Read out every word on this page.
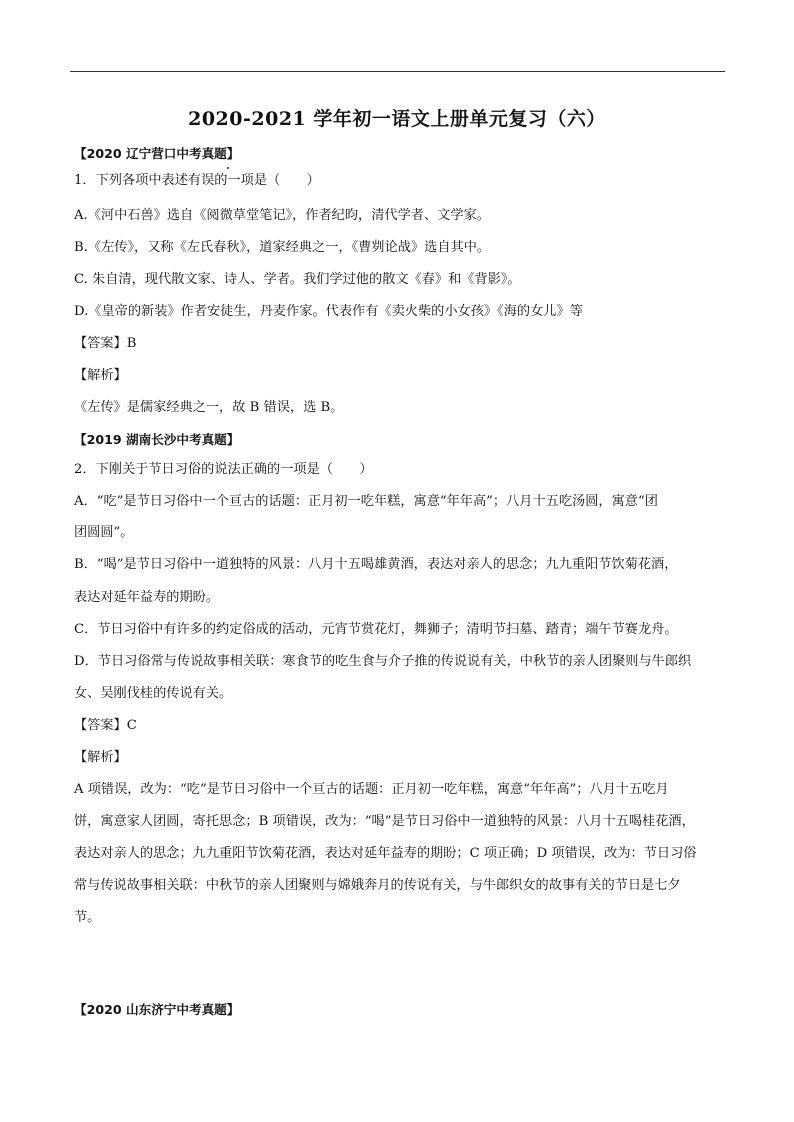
2020-2021 学年初一语文上册单元复习（六）
【2020 辽宁营口中考真题】
1．下列各项中表述有误的一项是（　　）
A.《河中石兽》选自《阅微草堂笔记》，作者纪昀，清代学者、文学家。
B.《左传》，又称《左氏春秋》，道家经典之一，《曹刿论战》选自其中。
C. 朱自清，现代散文家、诗人、学者。我们学过他的散文《春》和《背影》。
D.《皇帝的新装》作者安徒生，丹麦作家。代表作有《卖火柴的小女孩》《海的女儿》等
【答案】B
【解析】
《左传》是儒家经典之一，故 B 错误，选 B。
【2019 湖南长沙中考真题】
2．下刚关于节日习俗的说法正确的一项是（　　）
A．“吃”是节日习俗中一个亘古的话题：正月初一吃年糕，寓意“年年高”；八月十五吃汤圆，寓意“团
团圆圆”。
B．“喝”是节日习俗中一道独特的风景：八月十五喝雄黄酒，表达对亲人的思念；九九重阳节饮菊花酒，
表达对延年益寿的期盼。
C．节日习俗中有许多的约定俗成的活动，元宵节赏花灯，舞狮子；清明节扫墓、踏青；端午节赛龙舟。
D．节日习俗常与传说故事相关联：寒食节的吃生食与介子推的传说说有关，中秋节的亲人团聚则与牛郎织
女、吴刚伐桂的传说有关。
【答案】C
【解析】
A 项错误，改为：“吃”是节日习俗中一个亘古的话题：正月初一吃年糕，寓意“年年高”；八月十五吃月
饼，寓意家人团圆，寄托思念；B 项错误，改为：“喝”是节日习俗中一道独特的风景：八月十五喝桂花酒，
表达对亲人的思念；九九重阳节饮菊花酒，表达对延年益寿的期盼；C 项正确；D 项错误，改为：节日习俗
常与传说故事相关联：中秋节的亲人团聚则与嫦娥奔月的传说有关，与牛郎织女的故事有关的节日是七夕
节。
【2020 山东济宁中考真题】
